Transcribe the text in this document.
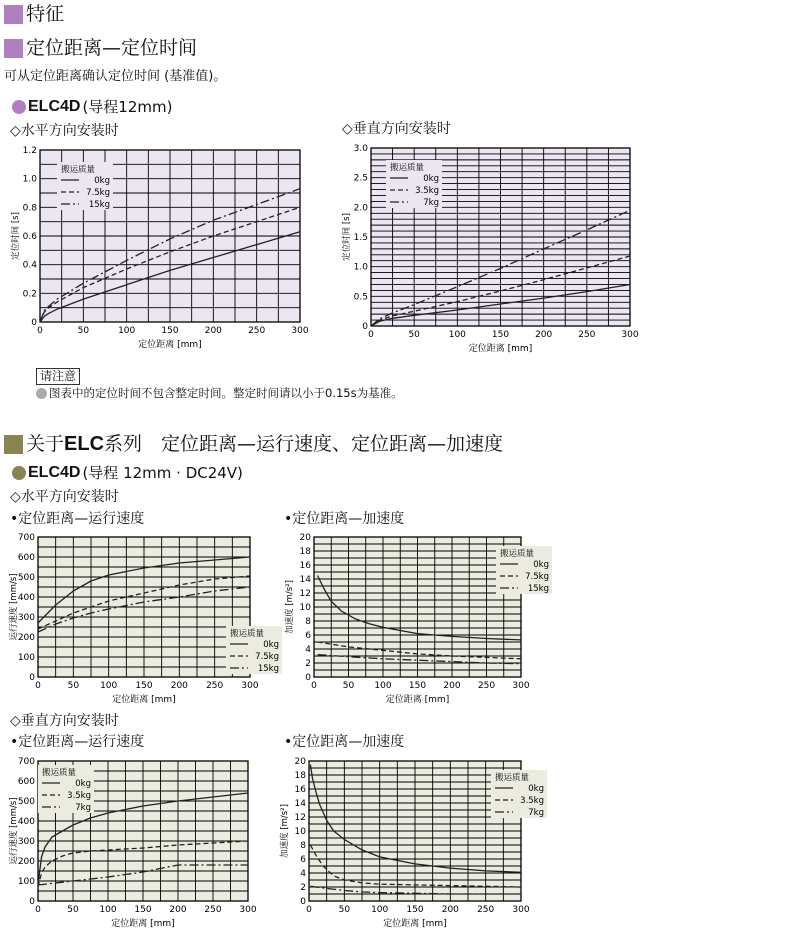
特征
定位距离—定位时间
可从定位距离确认定位时间 (基准值)。
ELC4D (导程12mm)
◇水平方向安装时	◇垂直方向安装时
0	50	100	150	200	250	300
0
0.2
0.4
0.6
0.8
1.0
1.2
定位距离 [mm]
定位时间 [s]
搬运质量
0kg
7.5kg
15kg
0	50	100	150	200	250	300
0
0.5
1.0
1.5
2.0
2.5
3.0
定位距离 [mm]
定位时间 [s]
搬运质量
0kg
3.5kg
7kg
请注意
图表中的定位时间不包含整定时间。整定时间请以小于0.15s为基准。
关于ELC系列　定位距离—运行速度、定位距离—加速度
ELC4D (导程 12mm · DC24V)
◇水平方向安装时
•定位距离—运行速度	•定位距离—加速度
0	50 100 150 200 250 300
0
100
200
300
400
500
600
700
定位距离 [mm]
运行速度 [mm/s]	搬运质量
0kg
7.5kg
15kg
0	50 100 150 200 250 300
0
2
4
6
8
10
12
14
16
18
20
定位距离 [mm]
加速度 [m/s²]
搬运质量
0kg
7.5kg
15kg
◇垂直方向安装时
•定位距离—运行速度	•定位距离—加速度
0	50 100 150 200 250 300
0
100
200
300
400
500
600
700
定位距离 [mm]
运行速度 [mm/s]
搬运质量
0kg
3.5kg
7kg
0	50 100 150 200 250 300
0
2
4
6
8
10
12
14
16
18
20
定位距离 [mm]
加速度 [m/s²]
搬运质量
0kg
3.5kg
7kg
